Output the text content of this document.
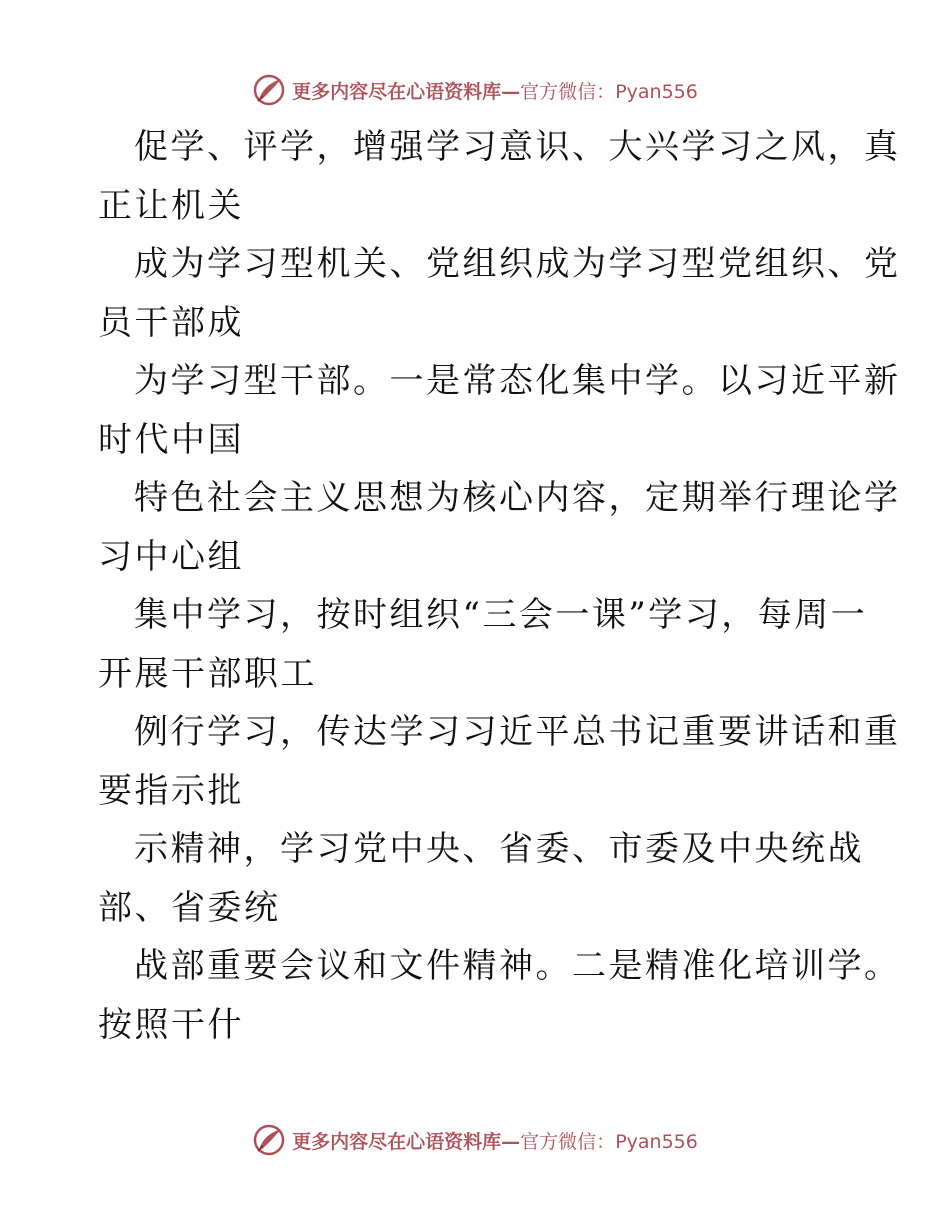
更多内容尽在心语资料库—官方微信：Pyan556
促学、评学，增强学习意识、大兴学习之风，真
正让机关
成为学习型机关、党组织成为学习型党组织、党
员干部成
为学习型干部。一是常态化集中学。以习近平新
时代中国
特色社会主义思想为核心内容，定期举行理论学
习中心组
集中学习，按时组织“三会一课”学习，每周一
开展干部职工
例行学习，传达学习习近平总书记重要讲话和重
要指示批
示精神，学习党中央、省委、市委及中央统战
部、省委统
战部重要会议和文件精神。二是精准化培训学。
按照干什
更多内容尽在心语资料库—官方微信：Pyan556
